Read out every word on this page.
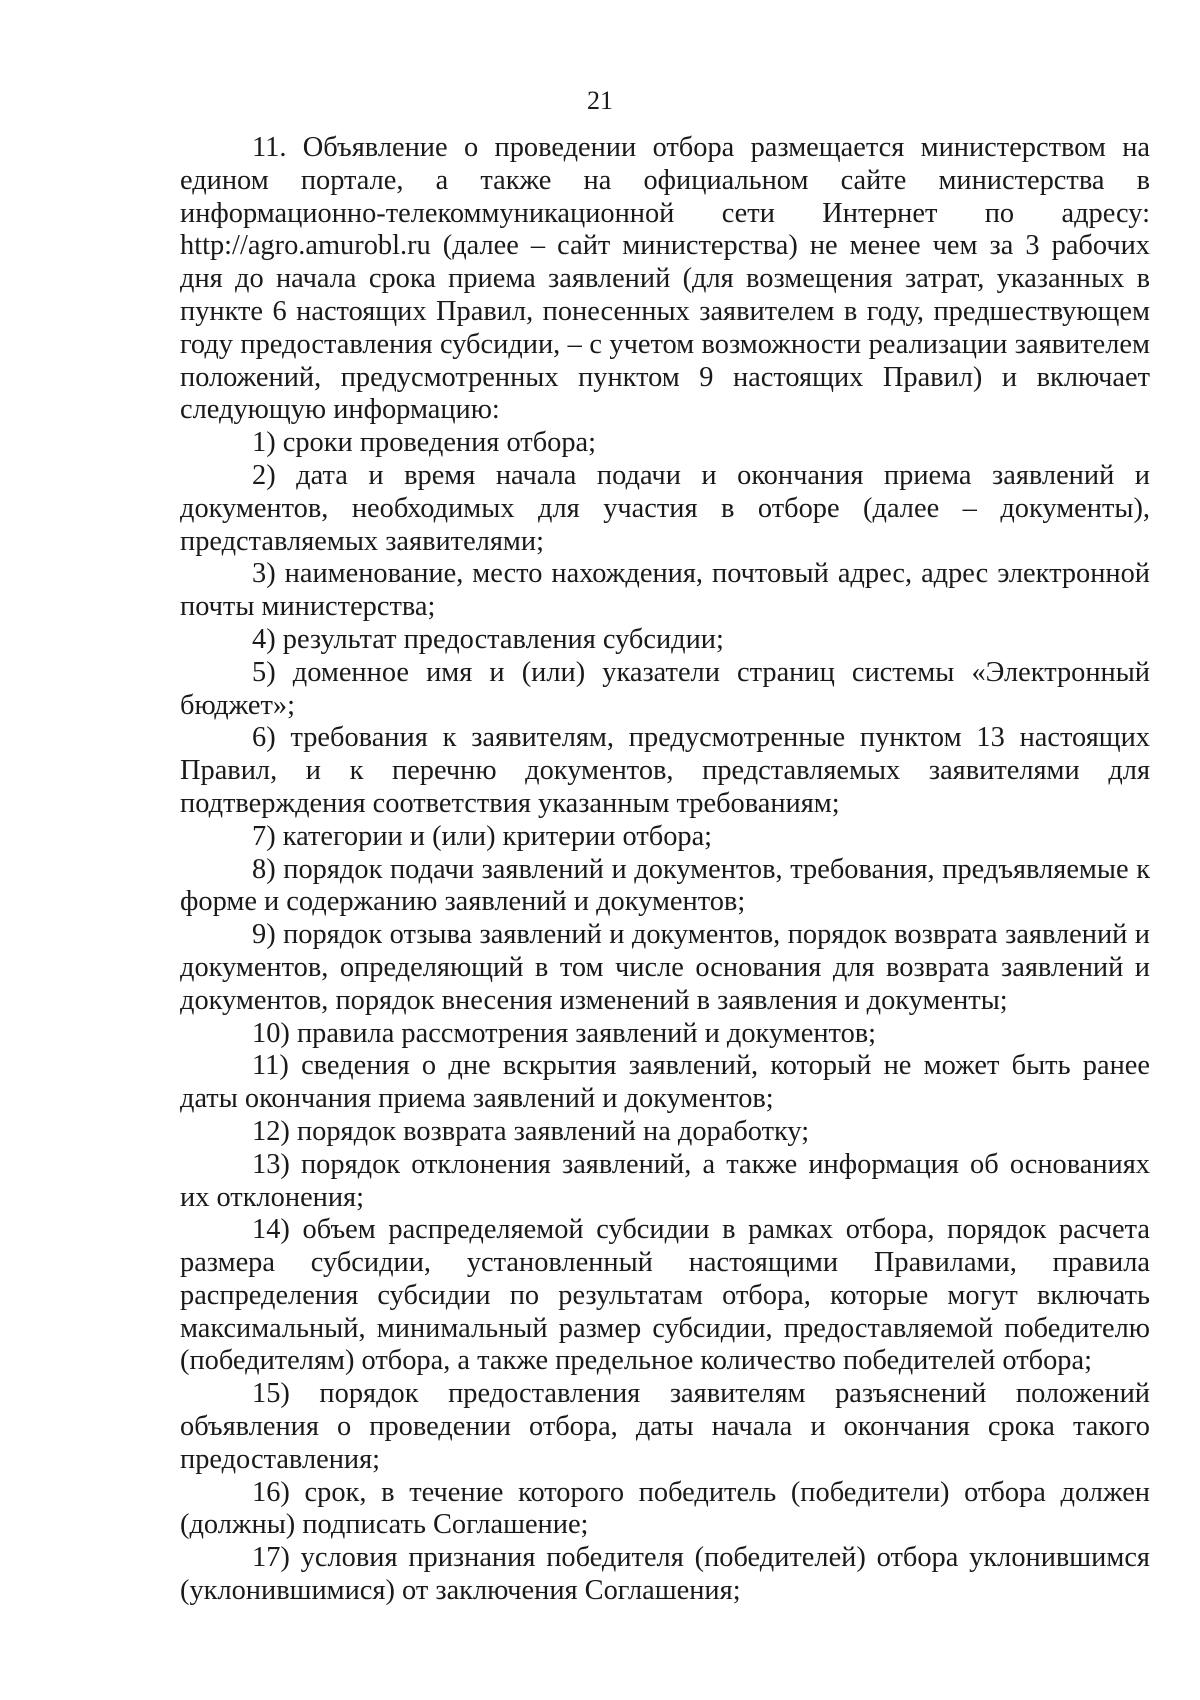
21

11. Объявление о проведении отбора размещается министерством на едином портале, а также на официальном сайте министерства в информационно-телекоммуникационной сети Интернет по адресу: http://agro.amurobl.ru (далее – сайт министерства) не менее чем за 3 рабочих дня до начала срока приема заявлений (для возмещения затрат, указанных в пункте 6 настоящих Правил, понесенных заявителем в году, предшествующем году предоставления субсидии, – с учетом возможности реализации заявителем положений, предусмотренных пунктом 9 настоящих Правил) и включает следующую информацию:

1) сроки проведения отбора;

2) дата и время начала подачи и окончания приема заявлений и документов, необходимых для участия в отборе (далее – документы), представляемых заявителями;

3) наименование, место нахождения, почтовый адрес, адрес электронной почты министерства;

4) результат предоставления субсидии;

5) доменное имя и (или) указатели страниц системы «Электронный бюджет»;

6) требования к заявителям, предусмотренные пунктом 13 настоящих Правил, и к перечню документов, представляемых заявителями для подтверждения соответствия указанным требованиям;

7) категории и (или) критерии отбора;

8) порядок подачи заявлений и документов, требования, предъявляемые к форме и содержанию заявлений и документов;

9) порядок отзыва заявлений и документов, порядок возврата заявлений и документов, определяющий в том числе основания для возврата заявлений и документов, порядок внесения изменений в заявления и документы;

10) правила рассмотрения заявлений и документов;

11) сведения о дне вскрытия заявлений, который не может быть ранее даты окончания приема заявлений и документов;

12) порядок возврата заявлений на доработку;

13) порядок отклонения заявлений, а также информация об основаниях их отклонения;

14) объем распределяемой субсидии в рамках отбора, порядок расчета размера субсидии, установленный настоящими Правилами, правила распределения субсидии по результатам отбора, которые могут включать максимальный, минимальный размер субсидии, предоставляемой победителю (победителям) отбора, а также предельное количество победителей отбора;

15) порядок предоставления заявителям разъяснений положений объявления о проведении отбора, даты начала и окончания срока такого предоставления;

16) срок, в течение которого победитель (победители) отбора должен (должны) подписать Соглашение;

17) условия признания победителя (победителей) отбора уклонившимся (уклонившимися) от заключения Соглашения;
